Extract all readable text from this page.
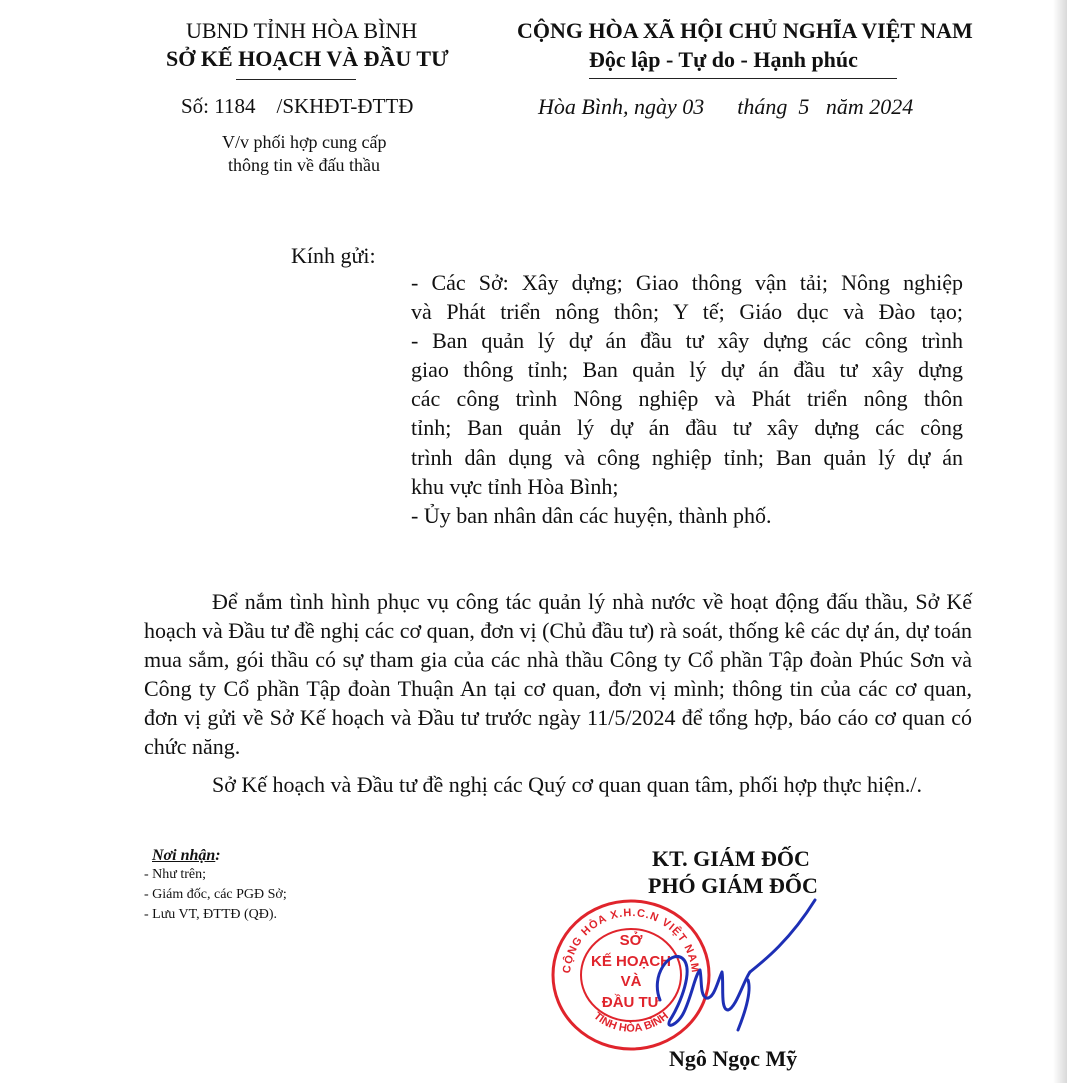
UBND TỈNH HÒA BÌNH
SỞ KẾ HOẠCH VÀ ĐẦU TƯ
CỘNG HÒA XÃ HỘI CHỦ NGHĨA VIỆT NAM
Độc lập - Tự do - Hạnh phúc
Số: 1184    /SKHĐT-ĐTTĐ	Hòa Bình, ngày 03      tháng  5   năm 2024
V/v phối hợp cung cấp
thông tin về đấu thầu
Kính gửi:

- Các Sở: Xây dựng; Giao thông vận tải; Nông nghiệp

và Phát triển nông thôn; Y tế; Giáo dục và Đào tạo;

- Ban quản lý dự án đầu tư xây dựng các công trình

giao thông tỉnh; Ban quản lý dự án đầu tư xây dựng

các công trình Nông nghiệp và Phát triển nông thôn

tỉnh; Ban quản lý dự án đầu tư xây dựng các công

trình dân dụng và công nghiệp tỉnh; Ban quản lý dự án

khu vực tỉnh Hòa Bình;

- Ủy ban nhân dân các huyện, thành phố.

Để nắm tình hình phục vụ công tác quản lý nhà nước về hoạt động đấu thầu, Sở Kế hoạch và Đầu tư đề nghị các cơ quan, đơn vị (Chủ đầu tư) rà soát, thống kê các dự án, dự toán mua sắm, gói thầu có sự tham gia của các nhà thầu Công ty Cổ phần Tập đoàn Phúc Sơn và Công ty Cổ phần Tập đoàn Thuận An tại cơ quan, đơn vị mình; thông tin của các cơ quan, đơn vị gửi về Sở Kế hoạch và Đầu tư trước ngày 11/5/2024 để tổng hợp, báo cáo cơ quan có chức năng.

Sở Kế hoạch và Đầu tư đề nghị các Quý cơ quan quan tâm, phối hợp thực hiện./.

Nơi nhận:
- Như trên;
- Giám đốc, các PGĐ Sở;
- Lưu VT, ĐTTĐ (QĐ).
KT. GIÁM ĐỐC
PHÓ GIÁM ĐỐC
CỘNG HÒA X.H.C.N VIỆT NAM
TỈNH HÒA BÌNH
SỞ
KẾ HOẠCH
VÀ
ĐẦU TƯ
Ngô Ngọc Mỹ
